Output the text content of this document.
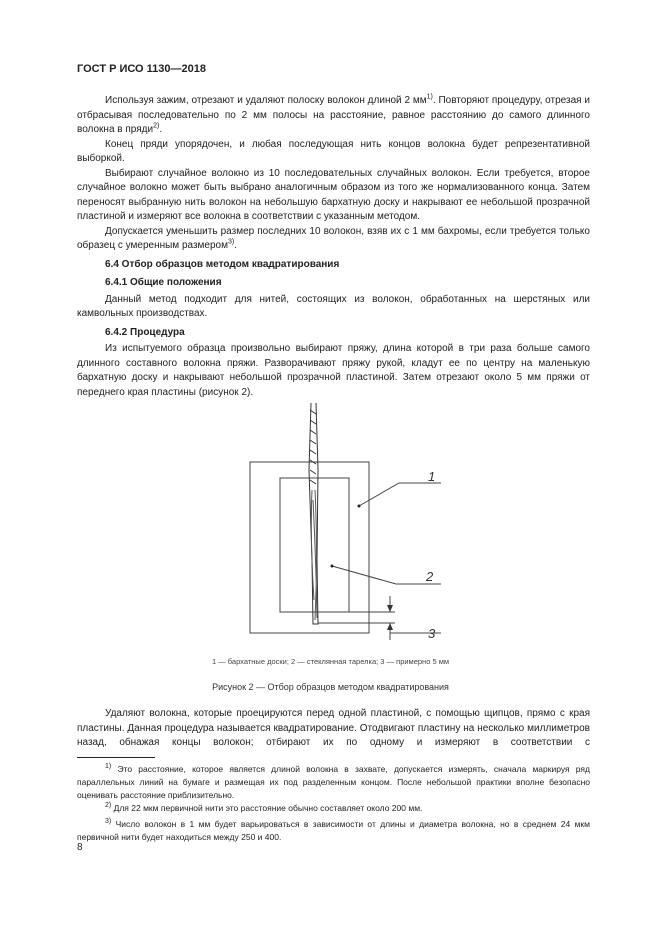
ГОСТ Р ИСО 1130—2018

Используя зажим, отрезают и удаляют полоску волокон длиной 2 $мм^{1)}$. Повторяют процедуру, отрезая и отбрасывая последовательно по 2 мм полосы на расстояние, равное расстоянию до самого длинного волокна в пряди$^{2)}$.

Конец пряди упорядочен, и любая последующая нить концов волокна будет репрезентативной выборкой.

Выбирают случайное волокно из 10 последовательных случайных волокон. Если требуется, второе случайное волокно может быть выбрано аналогичным образом из того же нормализованного конца. Затем переносят выбранную нить волокон на небольшую бархатную доску и накрывают ее небольшой прозрачной пластиной и измеряют все волокна в соответствии с указанным методом.

Допускается уменьшить размер последних 10 волокон, взяв их с 1 мм бахромы, если требуется только образец с умеренным размером$^{3)}$.

6.4 Отбор образцов методом квадратирования
6.4.1 Общие положения

Данный метод подходит для нитей, состоящих из волокон, обработанных на шерстяных или камвольных производствах.

6.4.2 Процедура

Из испытуемого образца произвольно выбирают пряжу, длина которой в три раза больше самого длинного составного волокна пряжи. Разворачивают пряжу рукой, кладут ее по центру на маленькую бархатную доску и накрывают небольшой прозрачной пластиной. Затем отрезают около 5 мм пряжи от переднего края пластины (рисунок 2).

1
2
3
1 — бархатные доски; 2 — стеклянная тарелка; 3 — примерно 5 мм
Рисунок 2 — Отбор образцов методом квадратирования

Удаляют волокна, которые проецируются перед одной пластиной, с помощью щипцов, прямо с края пластины. Данная процедура называется квадратирование. Отодвигают пластину на несколько миллиметров назад, обнажая концы волокон; отбирают их по одному и измеряют в соответствии с

$^{1)}$ Это расстояние, которое является длиной волокна в захвате, допускается измерять, сначала маркируя ряд параллельных линий на бумаге и размещая их под разделенным концом. После небольшой практики вполне безопасно оценивать расстояние приблизительно.
$^{2)}$ Для 22 мкм первичной нити это расстояние обычно составляет около 200 мм.
$^{3)}$ Число волокон в 1 мм будет варьироваться в зависимости от длины и диаметра волокна, но в среднем 24 мкм первичной нити будет находиться между 250 и 400.
8
